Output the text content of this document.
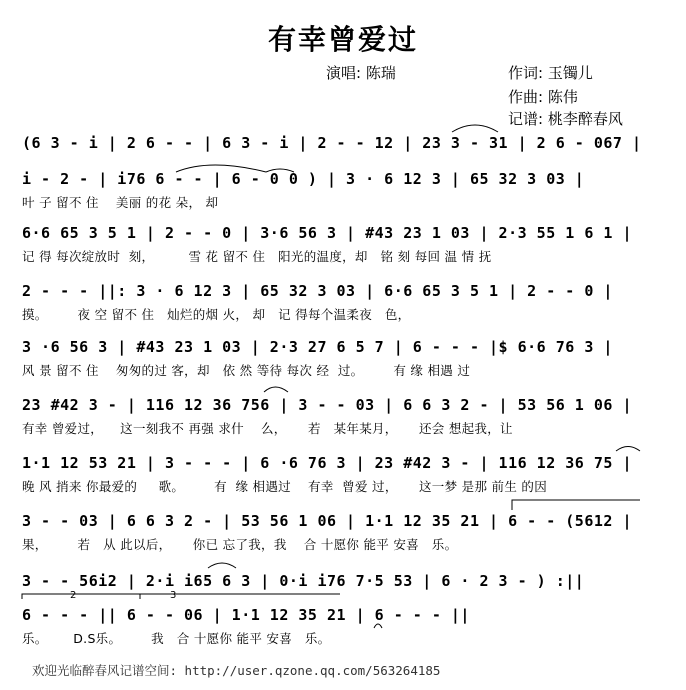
有幸曾爱过
演唱: 陈瑞	作词: 玉镯儿
作曲: 陈伟
记谱: 桃李醉春风
(6 3 - i | 2 6 - - | 6 3 - i | 2 - - 12 | 23 3 - 31 | 2 6 - 067 |
i - 2 - | i76 6 - - | 6 - 0 0 ) | 3 · 6 12 3 | 65 32 3 03 |
叶 子 留不 住    美丽 的花 朵， 却
6·6 65 3 5 1 | 2 - - 0 | 3·6 56 3 | #43 23 1 03 | 2·3 55 1 6 1 |
记 得 每次绽放时  刻，        雪 花 留不 住   阳光的温度，却   铭 刻 每回 温 情 抚
2 - - - ||: 3 · 6 12 3 | 65 32 3 03 | 6·6 65 3 5 1 | 2 - - 0 |
摸。       夜 空 留不 住   灿烂的烟 火， 却   记 得每个温柔夜   色，
3 ·6 56 3 | #43 23 1 03 | 2·3 27 6 5 7 | 6 - - - |$ 6·6 76 3 |
风 景 留不 住    匆匆的过 客，却   依 然 等待 每次 经  过。       有 缘 相遇 过
23 #42 3 - | 116 12 36 756 | 3 - - 03 | 6 6 3 2 - | 53 56 1 06 |
有幸 曾爱过，    这一刻我不 再强 求什    么，     若   某年某月，     还会 想起我，让
1·1 12 53 21 | 3 - - - | 6 ·6 76 3 | 23 #42 3 - | 116 12 36 75 |
晚 风 捎来 你最爱的     歌。       有  缘 相遇过    有幸  曾爱 过，     这一梦 是那 前生 的因
3 - - 03 | 6 6 3 2 - | 53 56 1 06 | 1·1 12 35 21 | 6 - - (5612 |
果，       若   从 此以后，     你已 忘了我，我    合 十愿你 能平 安喜   乐。
3 - - 56i2 | 2·i i65 6 3 | 0·i i76 7·5 53 | 6 · 2 3 - ) :||
6 - - - || 6 - - 06 | 1·1 12 35 21 | 6 - - - ||
乐。      D.S乐。       我   合 十愿你 能平 安喜   乐。
2	3
欢迎光临醉春风记谱空间: http://user.qzone.qq.com/563264185
